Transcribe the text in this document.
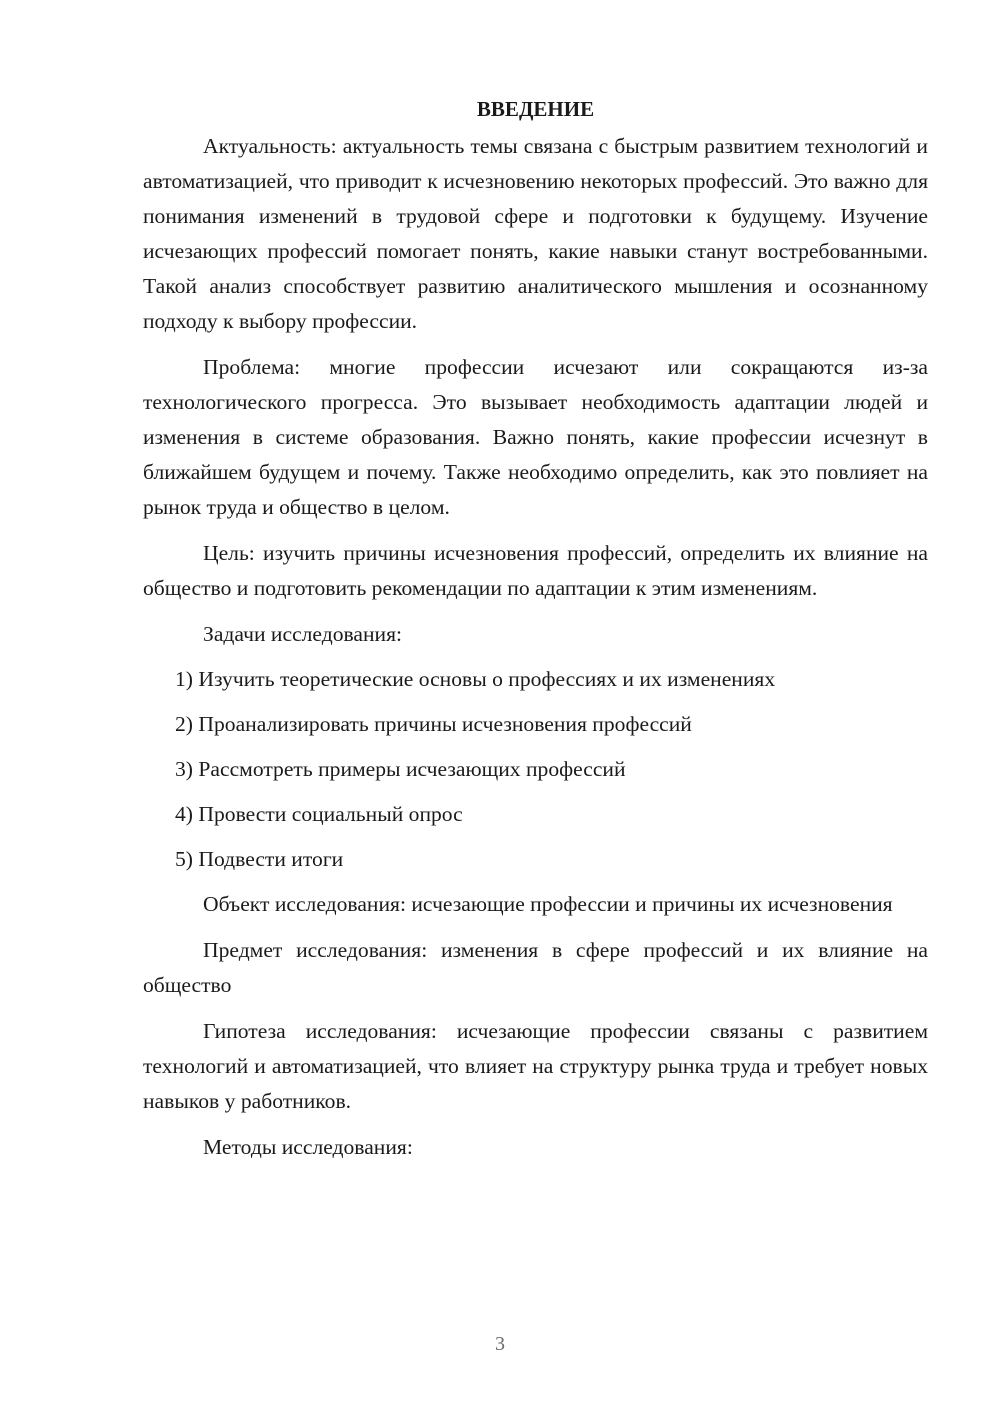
ВВЕДЕНИЕ

Актуальность: актуальность темы связана с быстрым развитием технологий и автоматизацией, что приводит к исчезновению некоторых профессий. Это важно для понимания изменений в трудовой сфере и подготовки к будущему. Изучение исчезающих профессий помогает понять, какие навыки станут востребованными. Такой анализ способствует развитию аналитического мышления и осознанному подходу к выбору профессии.

Проблема: многие профессии исчезают или сокращаются из-за технологического прогресса. Это вызывает необходимость адаптации людей и изменения в системе образования. Важно понять, какие профессии исчезнут в ближайшем будущем и почему. Также необходимо определить, как это повлияет на рынок труда и общество в целом.

Цель: изучить причины исчезновения профессий, определить их влияние на общество и подготовить рекомендации по адаптации к этим изменениям.

Задачи исследования:

1) Изучить теоретические основы о профессиях и их изменениях
2) Проанализировать причины исчезновения профессий
3) Рассмотреть примеры исчезающих профессий
4) Провести социальный опрос
5) Подвести итоги

Объект исследования: исчезающие профессии и причины их исчезновения

Предмет исследования: изменения в сфере профессий и их влияние на общество

Гипотеза исследования: исчезающие профессии связаны с развитием технологий и автоматизацией, что влияет на структуру рынка труда и требует новых навыков у работников.

Методы исследования:

3
